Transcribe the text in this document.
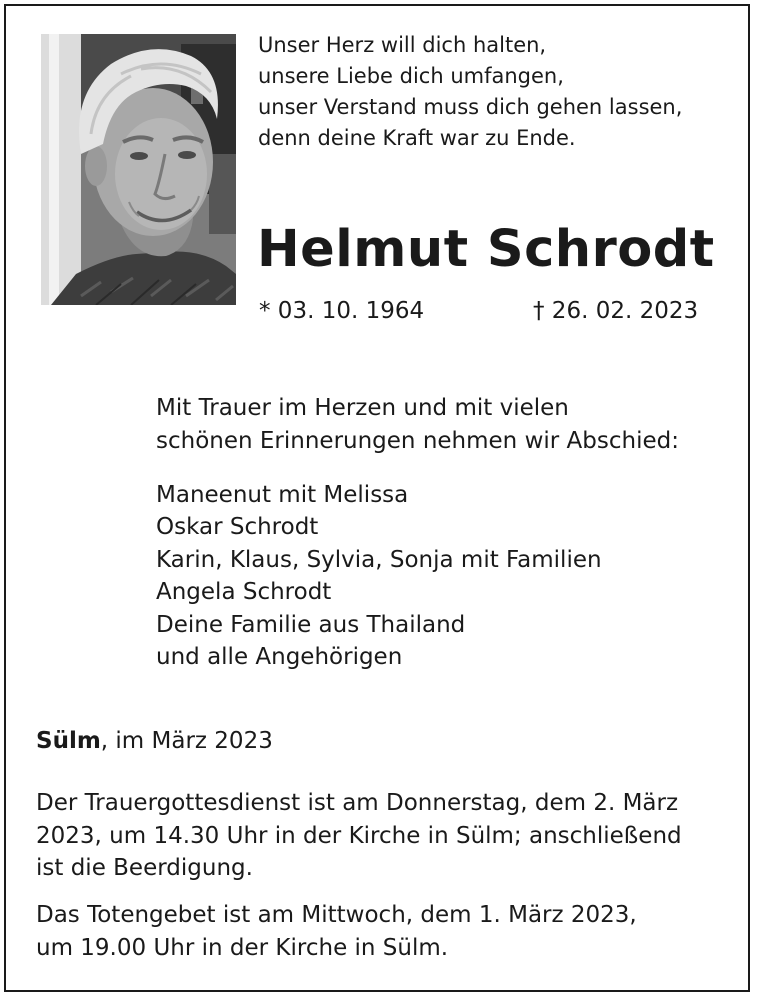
Unser Herz will dich halten,
unsere Liebe dich umfangen,
unser Verstand muss dich gehen lassen,
denn deine Kraft war zu Ende.
Helmut Schrodt
* 03. 10. 1964	† 26. 02. 2023
Mit Trauer im Herzen und mit vielen
schönen Erinnerungen nehmen wir Abschied:
Maneenut mit Melissa
Oskar Schrodt
Karin, Klaus, Sylvia, Sonja mit Familien
Angela Schrodt
Deine Familie aus Thailand
und alle Angehörigen
Sülm, im März 2023
Der Trauergottesdienst ist am Donnerstag, dem 2. März
2023, um 14.30 Uhr in der Kirche in Sülm; anschließend
ist die Beerdigung.
Das Totengebet ist am Mittwoch, dem 1. März 2023,
um 19.00 Uhr in der Kirche in Sülm.
